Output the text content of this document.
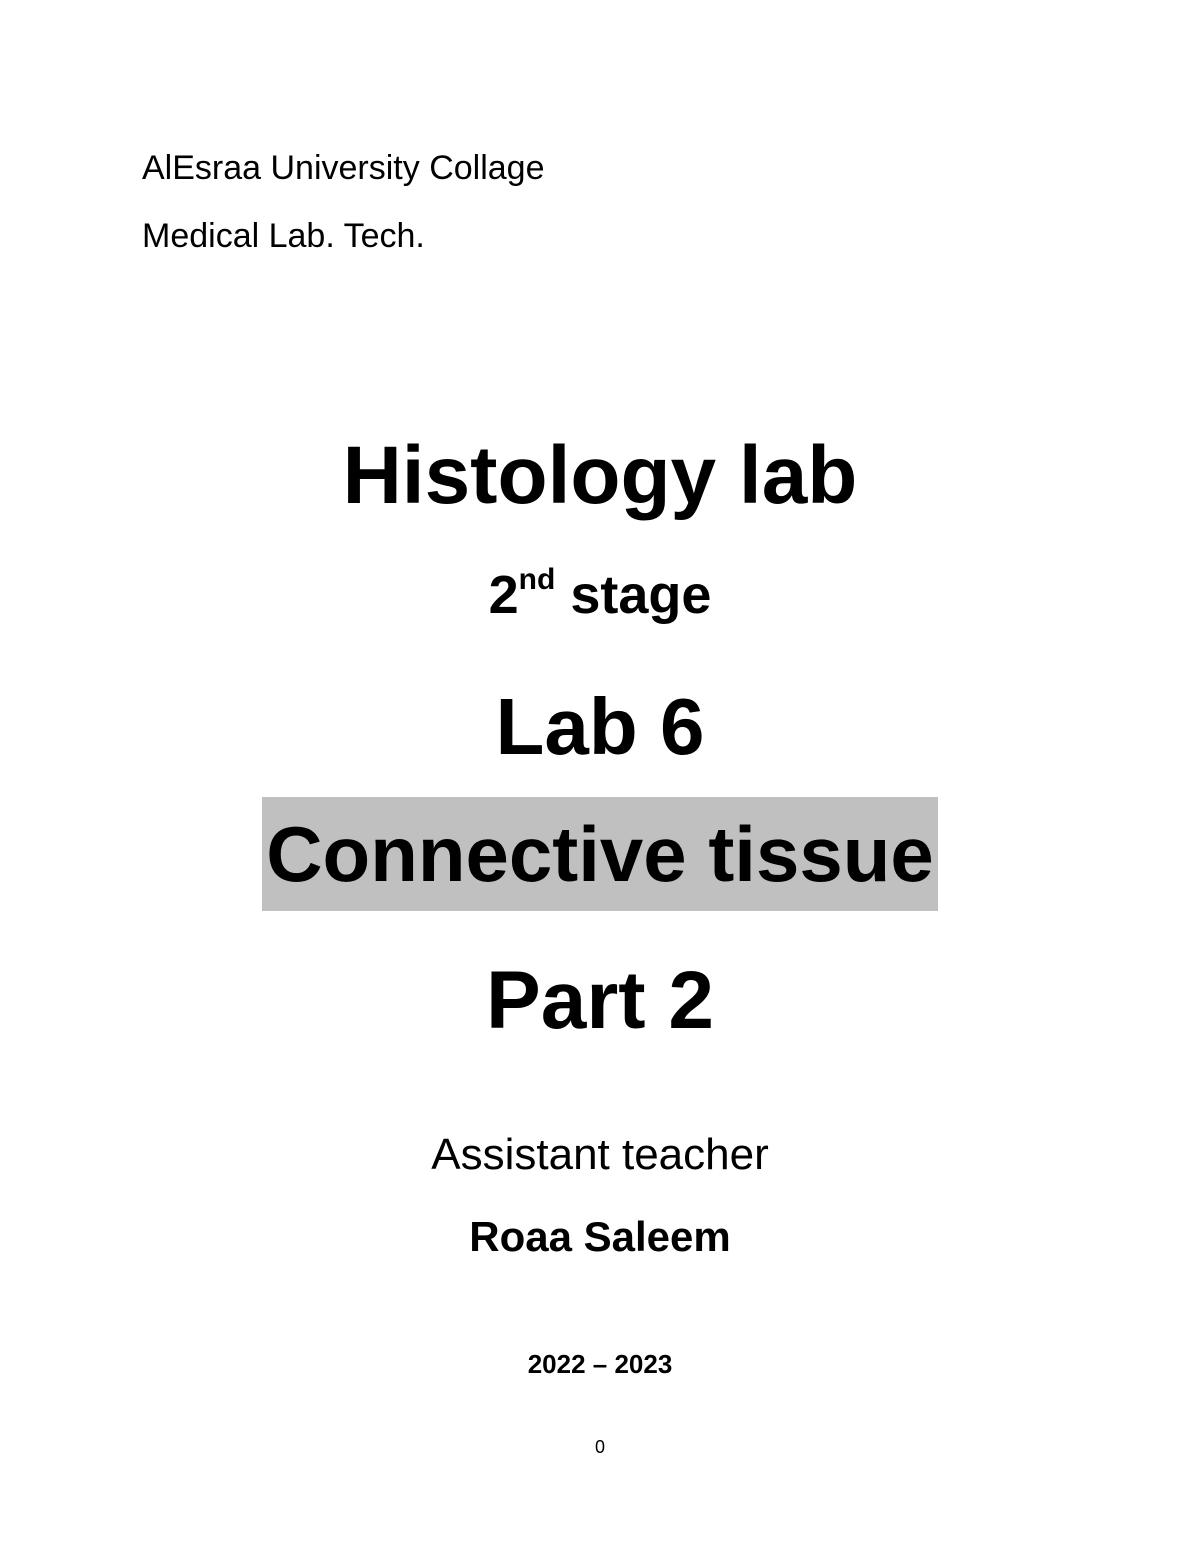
AlEsraa University Collage
Medical Lab. Tech.
Histology lab
2nd stage
Lab 6
Connective tissue
Part 2
Assistant teacher
Roaa Saleem
2022 – 2023
0
